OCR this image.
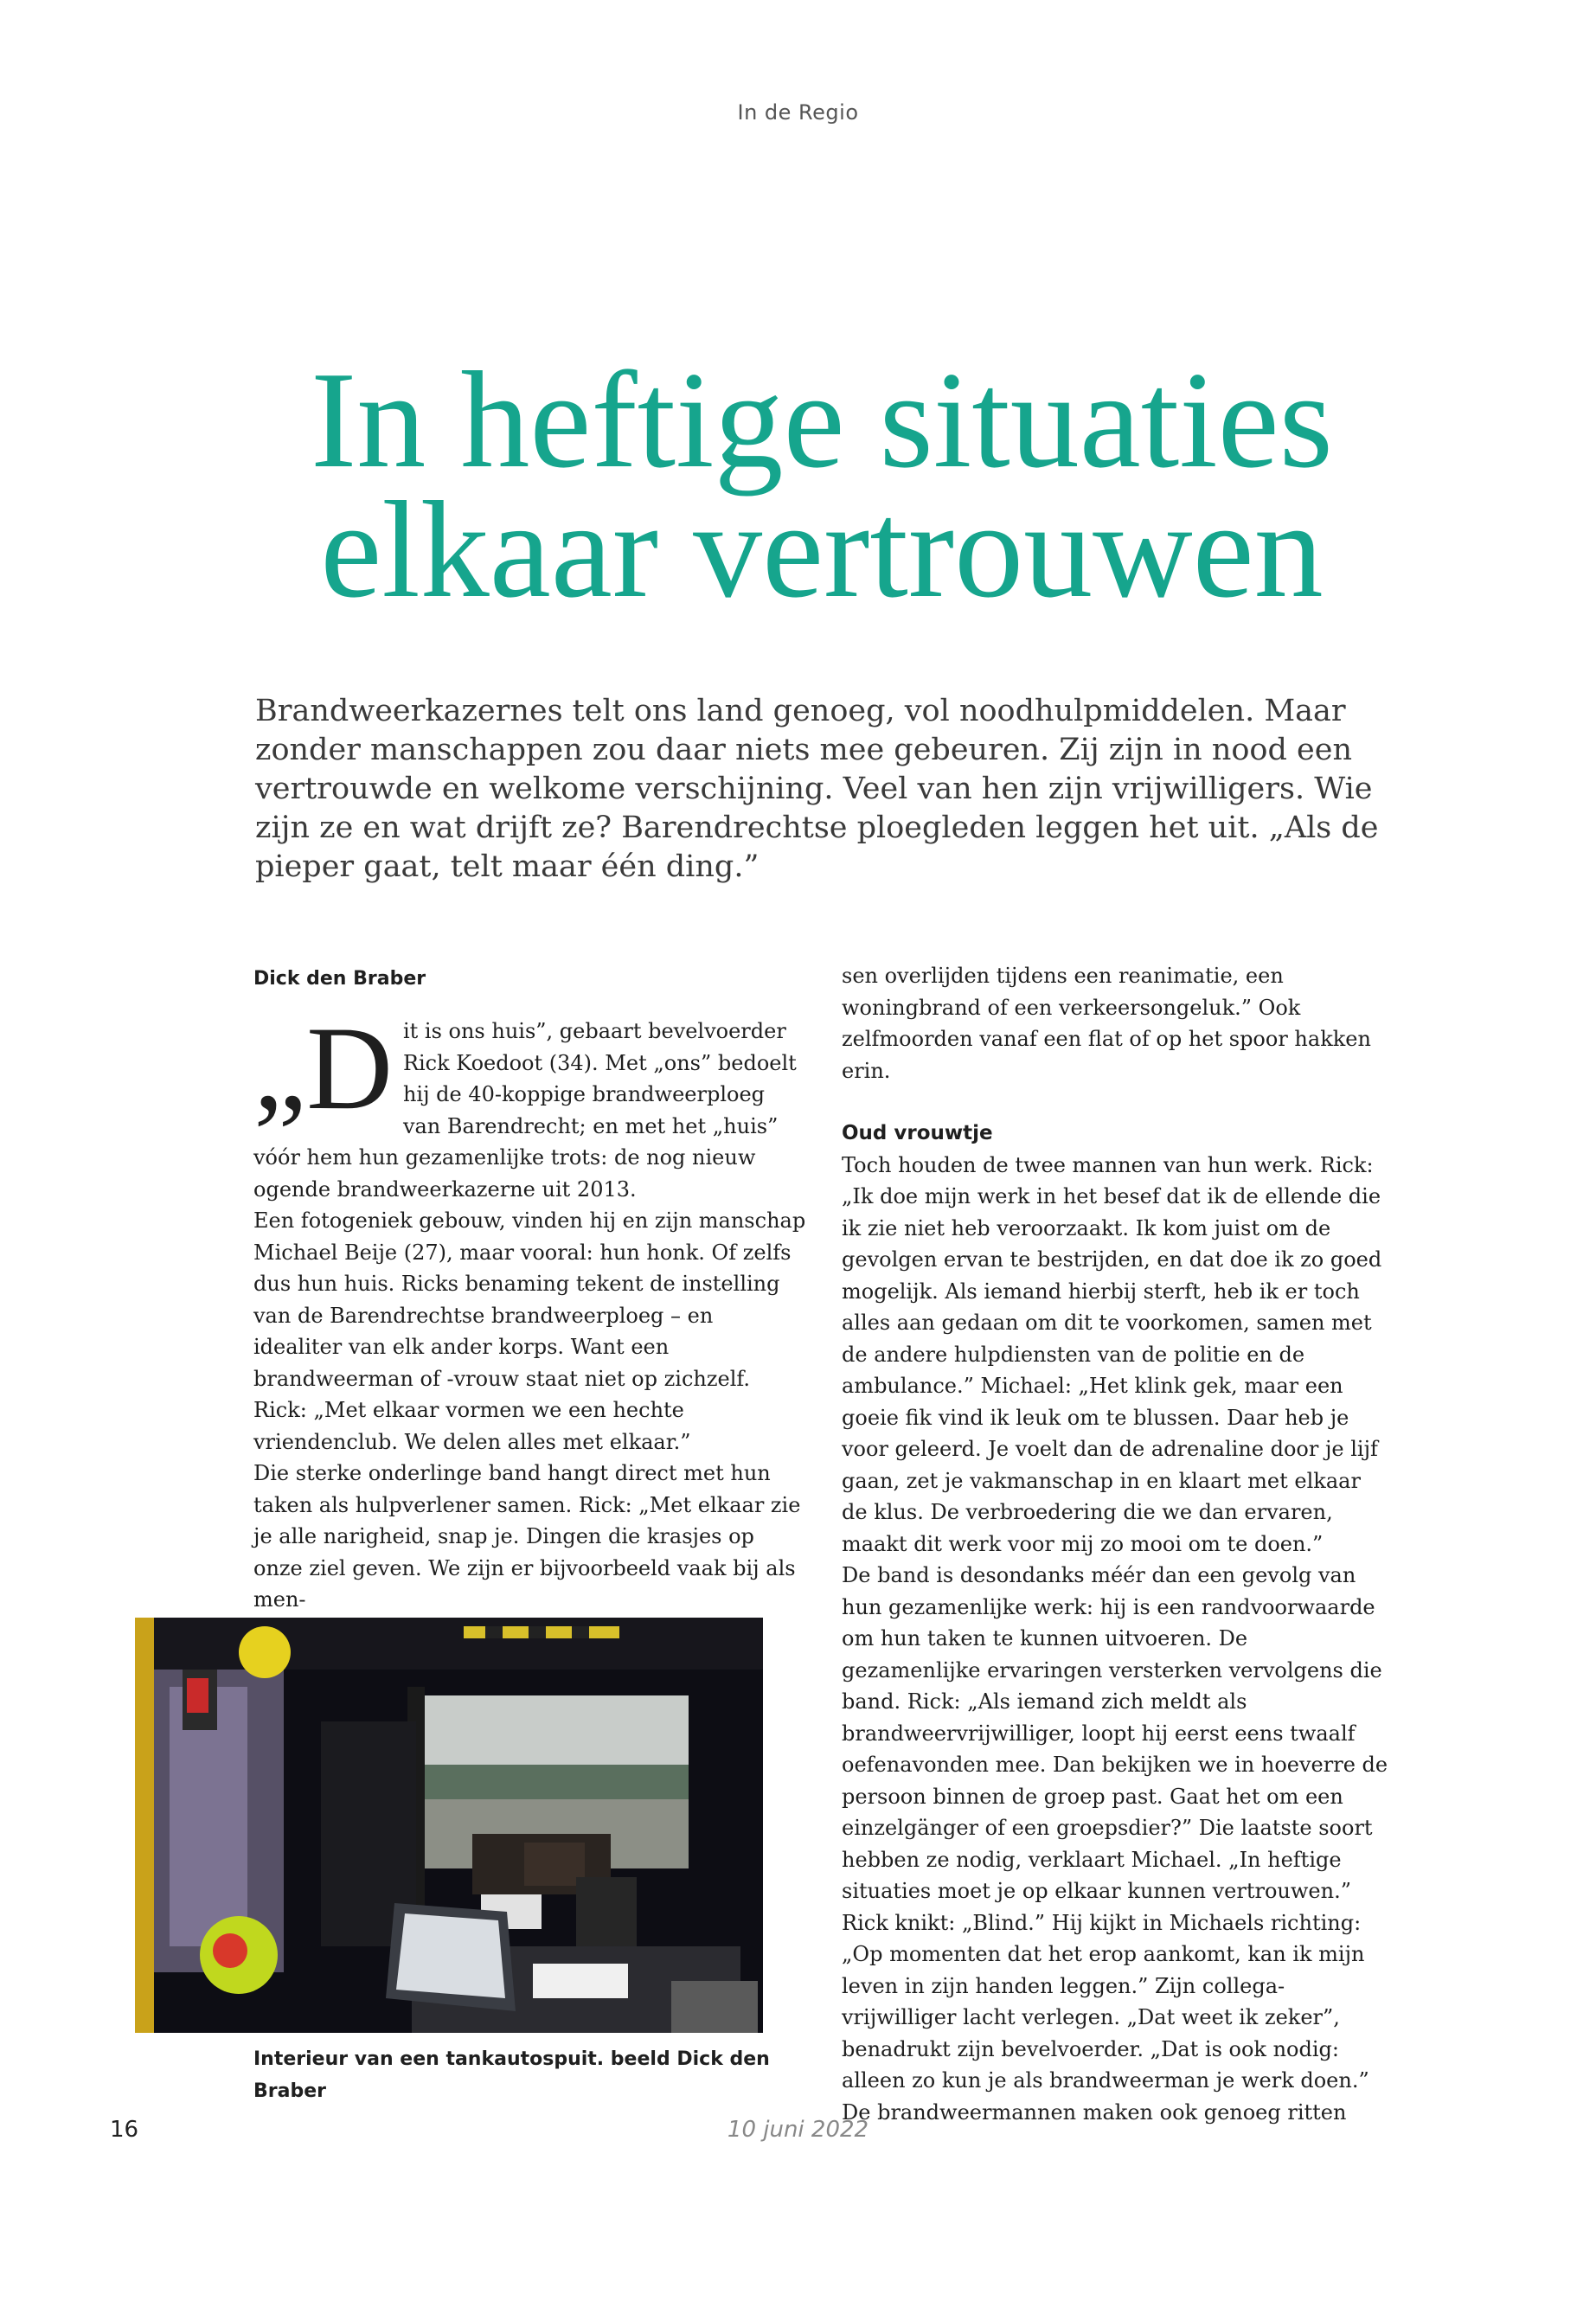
In de Regio
In heftige situaties
elkaar vertrouwen

Brandweerkazernes telt ons land genoeg, vol noodhulpmiddelen. Maar zonder manschappen zou daar niets mee gebeuren. Zij zijn in nood een vertrouwde en welkome verschijning. Veel van hen zijn vrijwilligers. Wie zijn ze en wat drijft ze? Barendrechtse ploegleden leggen het uit. „Als de pieper gaat, telt maar één ding.”

Dick den Braber

„D it is ons huis”, gebaart bevelvoerder Rick Koedoot (34). Met „ons” bedoelt hij de 40-koppige brandweerploeg van Barendrecht; en met het „huis” vóór hem hun gezamenlijke trots: de nog nieuw ogende brandweerkazerne uit 2013.

Een fotogeniek gebouw, vinden hij en zijn manschap Michael Beije (27), maar vooral: hun honk. Of zelfs dus hun huis. Ricks benaming tekent de instelling van de Barendrechtse brandweerploeg – en idealiter van elk ander korps. Want een brandweerman of -vrouw staat niet op zichzelf. Rick: „Met elkaar vormen we een hechte vriendenclub. We delen alles met elkaar.”

Die sterke onderlinge band hangt direct met hun taken als hulpverlener samen. Rick: „Met elkaar zie je alle narigheid, snap je. Dingen die krasjes op onze ziel geven. We zijn er bijvoorbeeld vaak bij als men-

Interieur van een tankautospuit. beeld Dick den Braber

sen overlijden tijdens een reanimatie, een woningbrand of een verkeersongeluk.” Ook zelfmoorden vanaf een flat of op het spoor hakken erin.

Oud vrouwtje

Toch houden de twee mannen van hun werk. Rick: „Ik doe mijn werk in het besef dat ik de ellende die ik zie niet heb veroorzaakt. Ik kom juist om de gevolgen ervan te bestrijden, en dat doe ik zo goed mogelijk. Als iemand hierbij sterft, heb ik er toch alles aan gedaan om dit te voorkomen, samen met de andere hulpdiensten van de politie en de ambulance.” Michael: „Het klink gek, maar een goeie fik vind ik leuk om te blussen. Daar heb je voor geleerd. Je voelt dan de adrenaline door je lijf gaan, zet je vakmanschap in en klaart met elkaar de klus. De verbroedering die we dan ervaren, maakt dit werk voor mij zo mooi om te doen.”

De band is desondanks méér dan een gevolg van hun gezamenlijke werk: hij is een randvoorwaarde om hun taken te kunnen uitvoeren. De gezamenlijke ervaringen versterken vervolgens die band. Rick: „Als iemand zich meldt als brandweervrijwilliger, loopt hij eerst eens twaalf oefenavonden mee. Dan bekijken we in hoeverre de persoon binnen de groep past. Gaat het om een einzelgänger of een groepsdier?” Die laatste soort hebben ze nodig, verklaart Michael. „In heftige situaties moet je op elkaar kunnen vertrouwen.” Rick knikt: „Blind.” Hij kijkt in Michaels richting: „Op momenten dat het erop aankomt, kan ik mijn leven in zijn handen leggen.” Zijn collega-vrijwilliger lacht verlegen. „Dat weet ik zeker”, benadrukt zijn bevelvoerder. „Dat is ook nodig: alleen zo kun je als brandweerman je werk doen.”

De brandweermannen maken ook genoeg ritten

16	10 juni 2022
